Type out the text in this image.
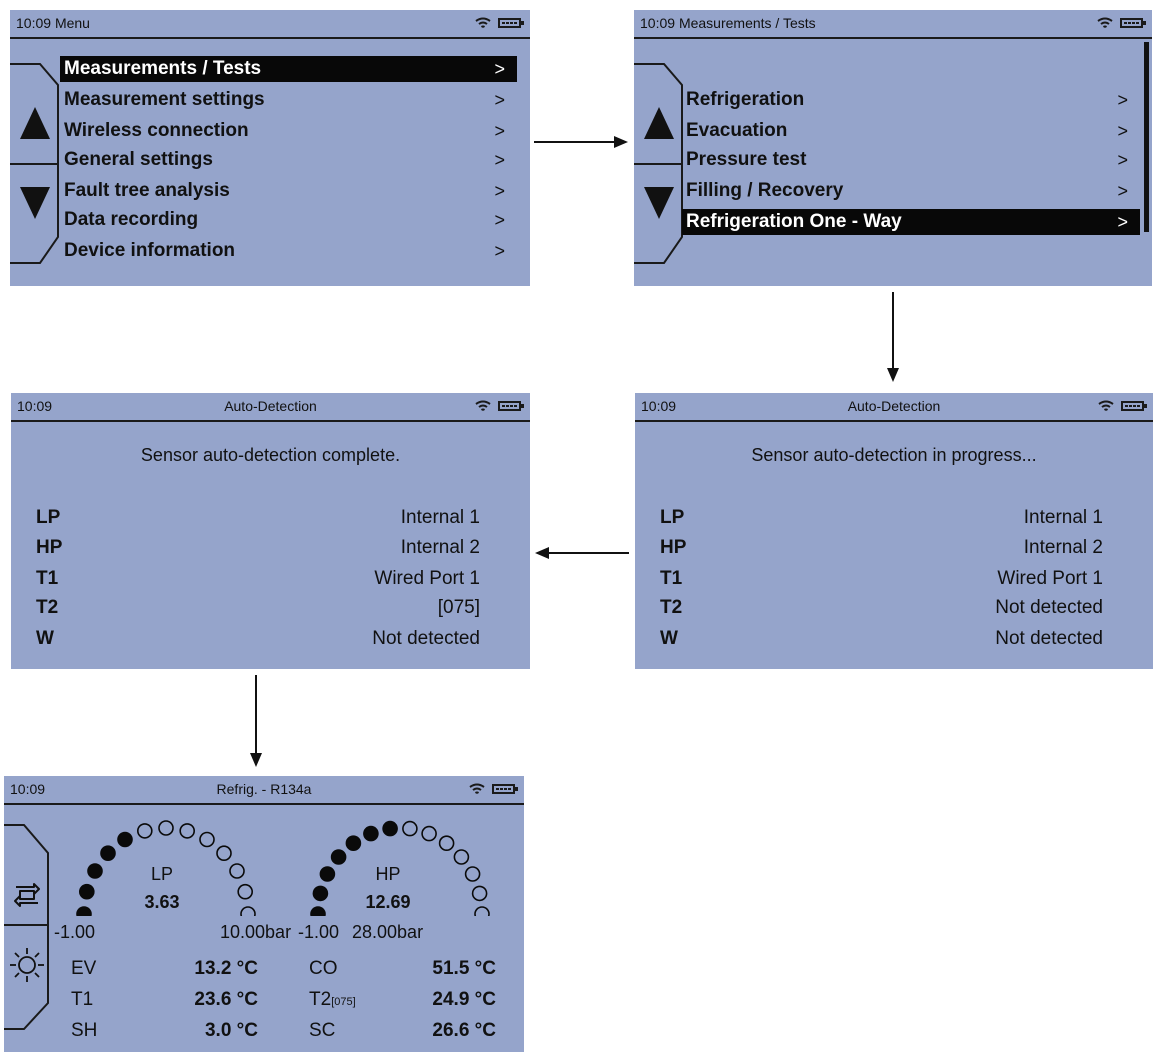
10:09 Menu
Measurements / Tests	>
Measurement settings	>
Wireless connection	>
General settings	>
Fault tree analysis	>
Data recording	>
Device information	>
10:09 Measurements / Tests
Refrigeration	>
Evacuation	>
Pressure test	>
Filling / Recovery	>
Refrigeration One - Way	>
10:09	Auto-Detection
Sensor auto-detection in progress...
LP	Internal 1
HP	Internal 2
T1	Wired Port 1
T2	Not detected
W	Not detected
10:09	Auto-Detection
Sensor auto-detection complete.
LP	Internal 1
HP	Internal 2
T1	Wired Port 1
T2	[075]
W	Not detected
10:09	Refrig. - R134a
LP
3.63
HP
12.69
-1.00	10.00bar -1.00 28.00bar
EV	13.2 °C	CO	51.5 °C
T1	23.6 °C	T2[075]	24.9 °C
SH	3.0 °C	SC	26.6 °C
